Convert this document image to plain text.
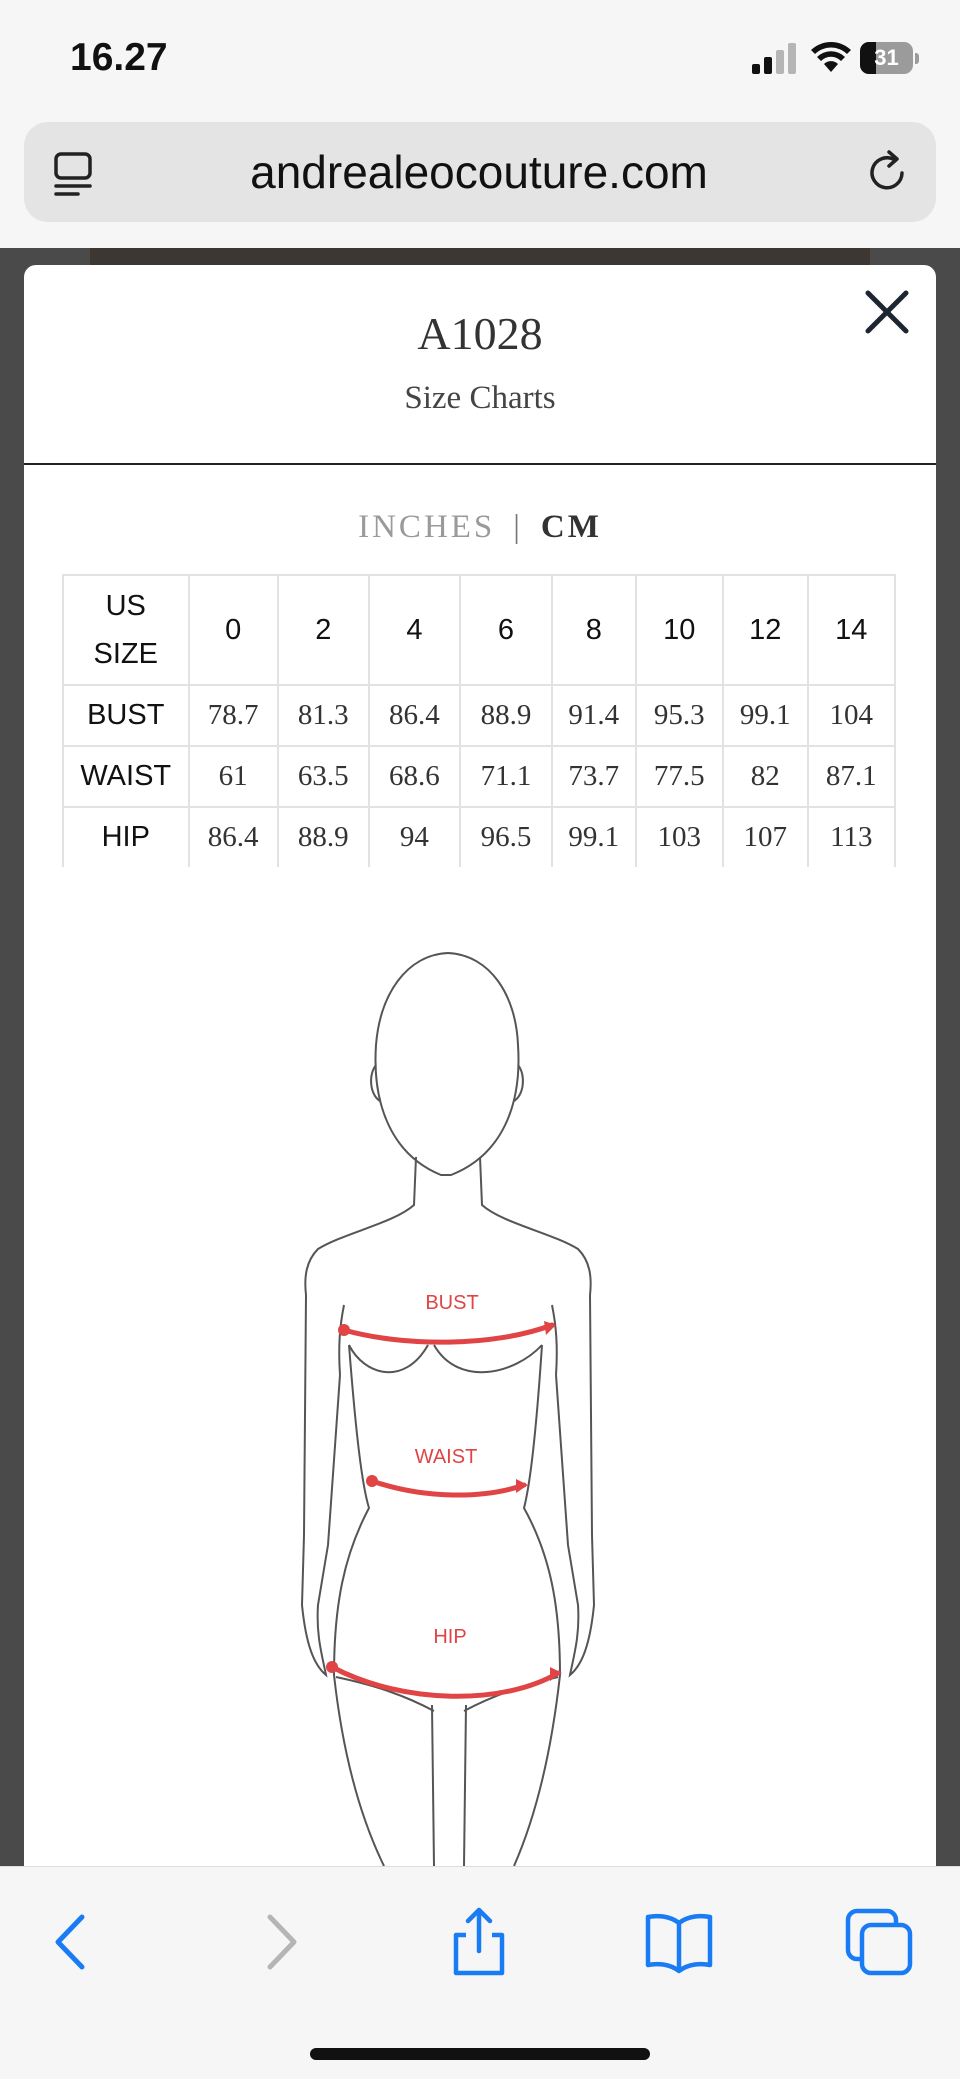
16.27	31
andrealeocouture.com
A1028
Size Charts
INCHES | CM
US
SIZE	0	2	4	6	8	10	12	14
BUST	78.7	81.3	86.4	88.9	91.4	95.3	99.1	104
WAIST	61	63.5	68.6	71.1	73.7	77.5	82	87.1
HIP	86.4	88.9	94	96.5	99.1	103	107	113
BUST
WAIST
HIP
